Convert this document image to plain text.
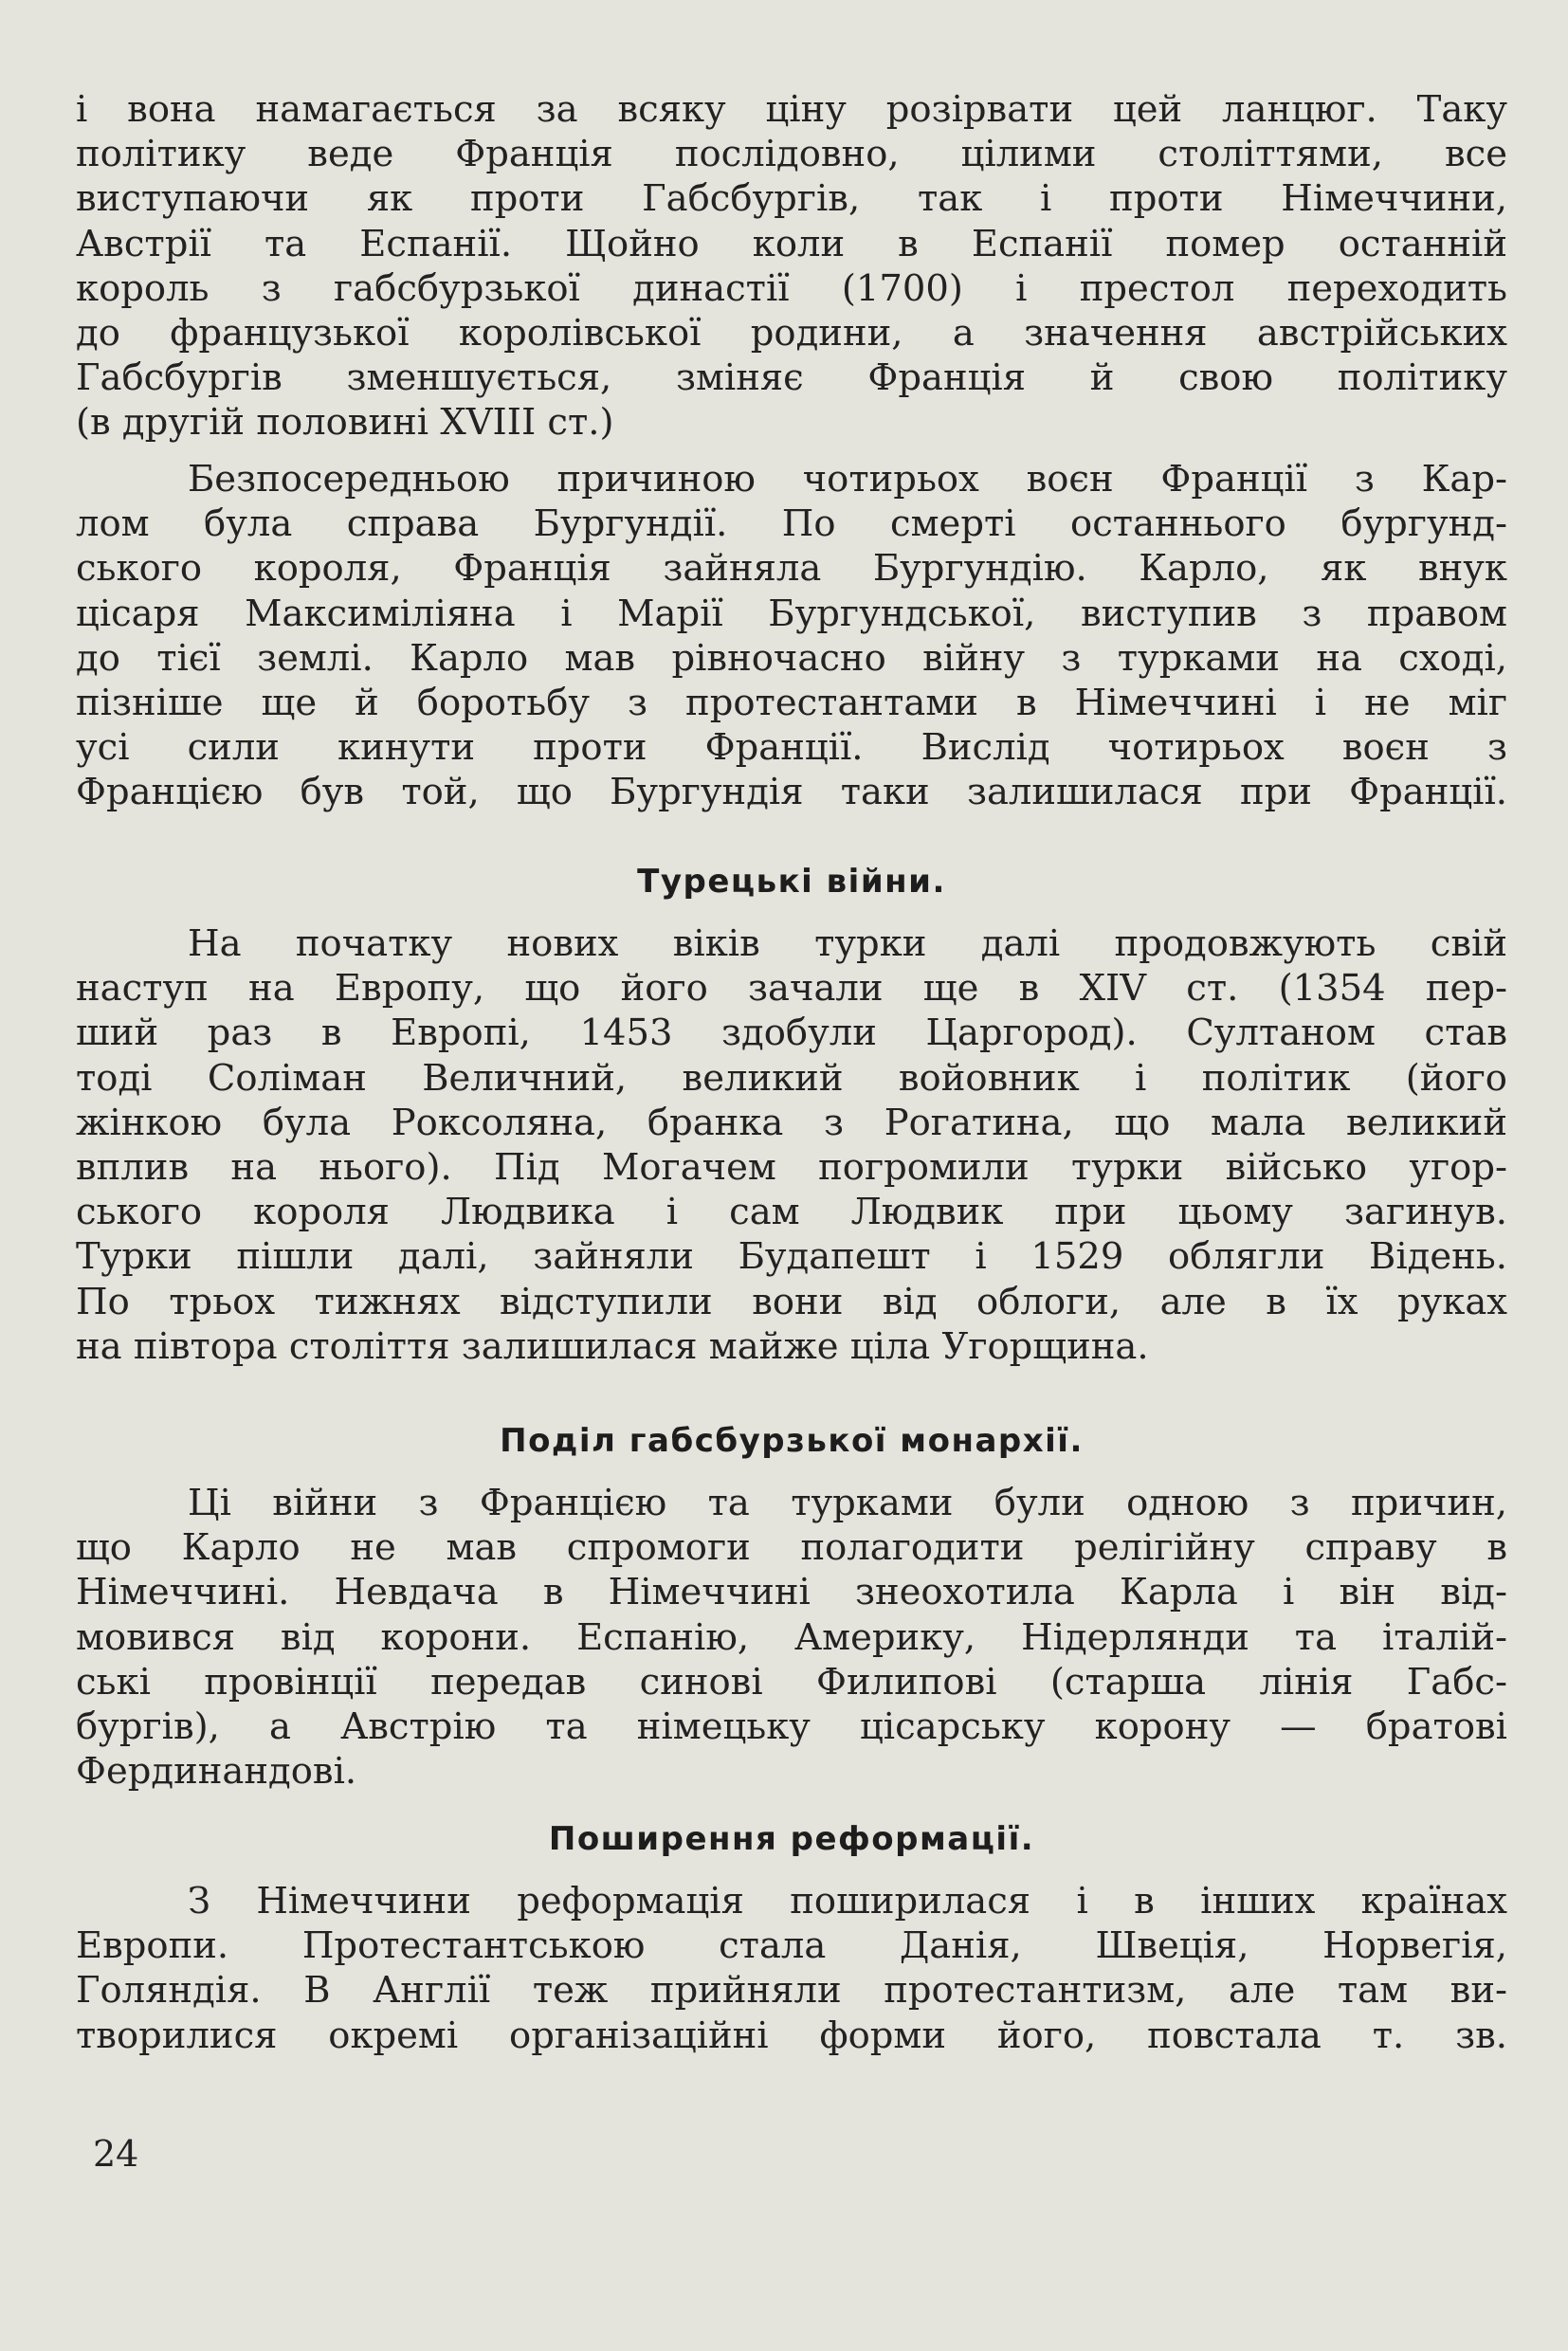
і вона намагається за всяку ціну розірвати цей ланцюг. Таку
політику веде Франція послідовно, цілими століттями, все
виступаючи як проти Габсбургів, так і проти Німеччини,
Австрії та Еспанії. Щойно коли в Еспанії помер останній
король з габсбурзької династії (1700) і престол переходить
до французької королівської родини, а значення австрійських
Габсбургів зменшується, зміняє Франція й свою політику
(в другій половині XVIII ст.)

Безпосередньою причиною чотирьох воєн Франції з Кар-
лом була справа Бургундії. По смерті останнього бургунд-
ського короля, Франція зайняла Бургундію. Карло, як внук
цісаря Максиміліяна і Марії Бургундської, виступив з правом
до тієї землі. Карло мав рівночасно війну з турками на сході,
пізніше ще й боротьбу з протестантами в Німеччині і не міг
усі сили кинути проти Франції. Вислід чотирьох воєн з
Францією був той, що Бургундія таки залишилася при Франції.

Турецькі війни.

На початку нових віків турки далі продовжують свій
наступ на Европу, що його зачали ще в XIV ст. (1354 пер-
ший раз в Европі, 1453 здобули Царгород). Султаном став
тоді Соліман Величний, великий войовник і політик (його
жінкою була Роксоляна, бранка з Рогатина, що мала великий
вплив на нього). Під Могачем погромили турки військо угор-
ського короля Людвика і сам Людвик при цьому загинув.
Турки пішли далі, зайняли Будапешт і 1529 облягли Відень.
По трьох тижнях відступили вони від облоги, але в їх руках
на півтора століття залишилася майже ціла Угорщина.

Поділ габсбурзької монархії.

Ці війни з Францією та турками були одною з причин,
що Карло не мав спромоги полагодити релігійну справу в
Німеччині. Невдача в Німеччині знеохотила Карла і він від-
мовився від корони. Еспанію, Америку, Нідерлянди та італій-
ські провінції передав синові Филипові (старша лінія Габс-
бургів), а Австрію та німецьку цісарську корону — братові
Фердинандові.

Поширення реформації.

З Німеччини реформація поширилася і в інших країнах
Европи. Протестантською стала Данія, Швеція, Норвегія,
Голяндія. В Англії теж прийняли протестантизм, але там ви-
творилися окремі організаційні форми його, повстала т. зв.

24
